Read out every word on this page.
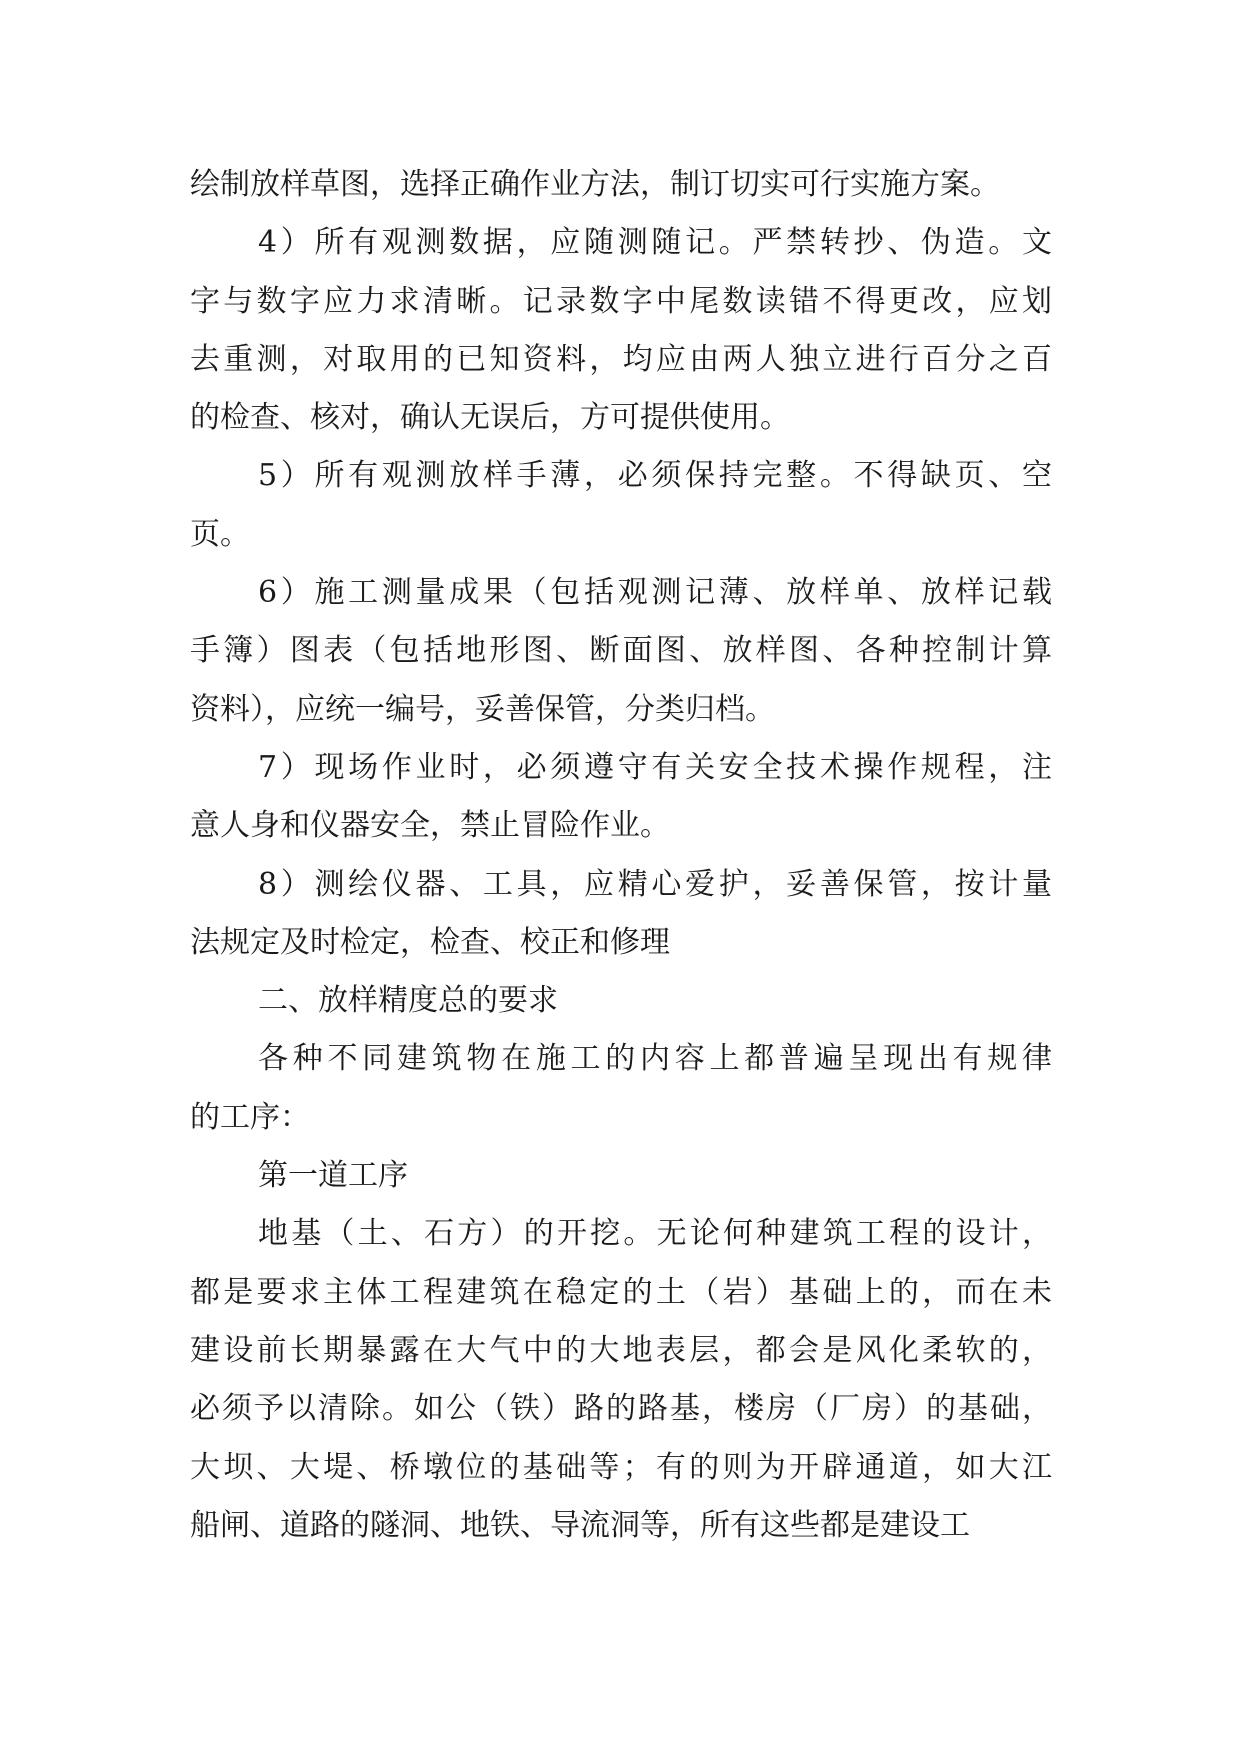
绘制放样草图，选择正确作业方法，制订切实可行实施方案。
4）所有观测数据，应随测随记。严禁转抄、伪造。文
字与数字应力求清晰。记录数字中尾数读错不得更改，应划
去重测，对取用的已知资料，均应由两人独立进行百分之百
的检查、核对，确认无误后，方可提供使用。
5）所有观测放样手薄，必须保持完整。不得缺页、空
页。
6）施工测量成果（包括观测记薄、放样单、放样记载
手簿）图表（包括地形图、断面图、放样图、各种控制计算
资料），应统一编号，妥善保管，分类归档。
7）现场作业时，必须遵守有关安全技术操作规程，注
意人身和仪器安全，禁止冒险作业。
8）测绘仪器、工具，应精心爱护，妥善保管，按计量
法规定及时检定，检查、校正和修理
二、放样精度总的要求
各种不同建筑物在施工的内容上都普遍呈现出有规律
的工序：
第一道工序
地基（土、石方）的开挖。无论何种建筑工程的设计，
都是要求主体工程建筑在稳定的土（岩）基础上的，而在未
建设前长期暴露在大气中的大地表层，都会是风化柔软的，
必须予以清除。如公（铁）路的路基，楼房（厂房）的基础，
大坝、大堤、桥墩位的基础等；有的则为开辟通道，如大江
船闸、道路的隧洞、地铁、导流洞等，所有这些都是建设工
